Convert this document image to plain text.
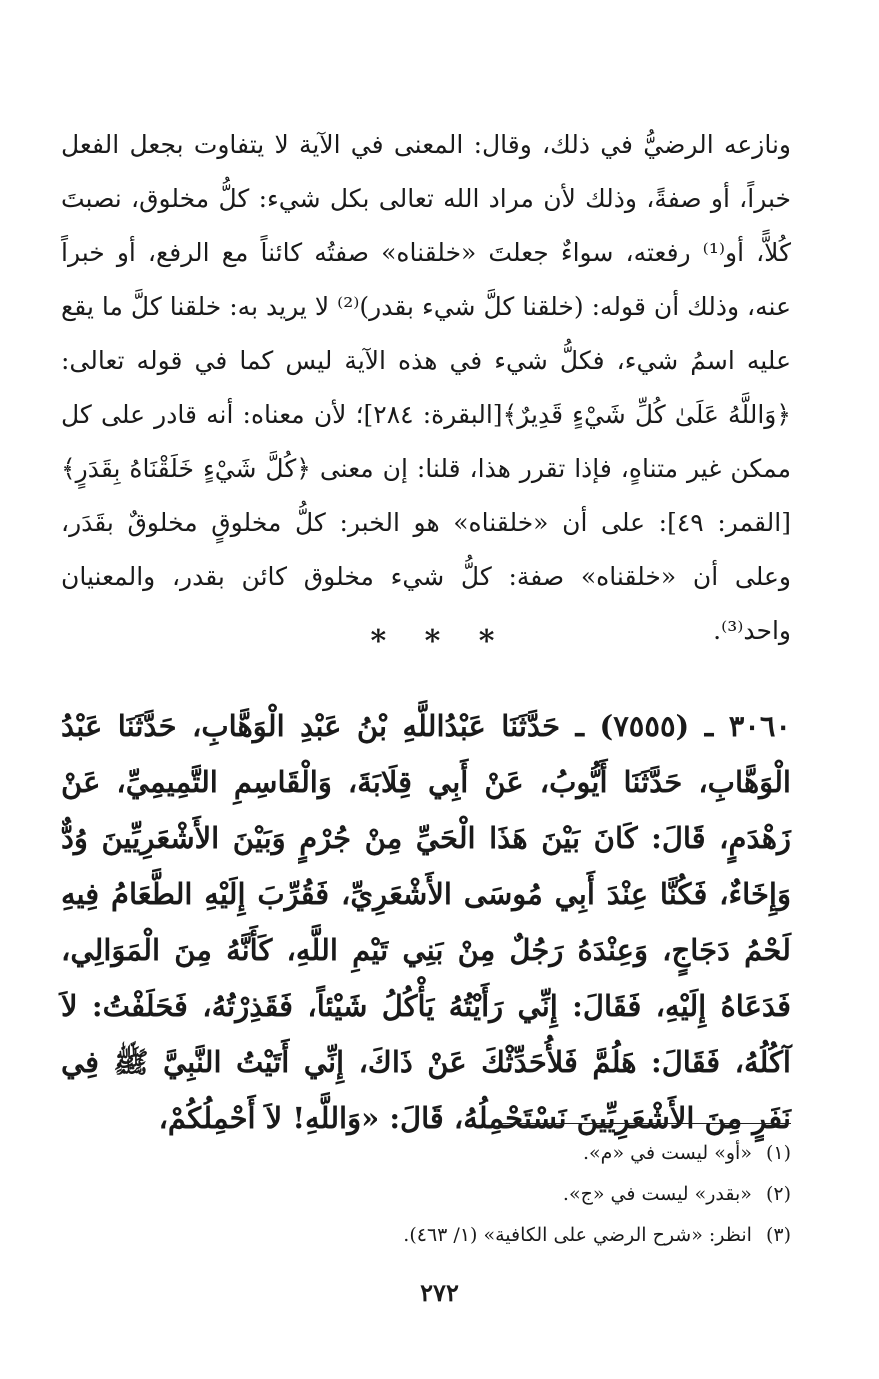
ونازعه الرضيُّ في ذلك، وقال: المعنى في الآية لا يتفاوت بجعل الفعل خبراً، أو صفةً، وذلك لأن مراد الله تعالى بكل شيء: كلُّ مخلوق، نصبتَ كُلاًّ، أو⁽¹⁾ رفعته، سواءٌ جعلتَ «خلقناه» صفتُه كائناً مع الرفع، أو خبراً عنه، وذلك أن قوله: (خلقنا كلَّ شيء بقدر)⁽²⁾ لا يريد به: خلقنا كلَّ ما يقع عليه اسمُ شيء، فكلُّ شيء في هذه الآية ليس كما في قوله تعالى: ﴿وَاللَّهُ عَلَىٰ كُلِّ شَيْءٍ قَدِيرٌ﴾[البقرة: ٢٨٤]؛ لأن معناه: أنه قادر على كل ممكن غير متناهٍ، فإذا تقرر هذا، قلنا: إن معنى ﴿كُلَّ شَيْءٍ خَلَقْنَاهُ بِقَدَرٍ﴾[القمر: ٤٩]: على أن «خلقناه» هو الخبر: كلُّ مخلوقٍ مخلوقٌ بقَدَر، وعلى أن «خلقناه» صفة: كلُّ شيء مخلوق كائن بقدر، والمعنيان واحد⁽³⁾.

* * *

٣٠٦٠ ـ (٧٥٥٥) ـ حَدَّثَنَا عَبْدُاللَّهِ بْنُ عَبْدِ الْوَهَّابِ، حَدَّثَنَا عَبْدُ الْوَهَّابِ، حَدَّثَنَا أَيُّوبُ، عَنْ أَبِي قِلَابَةَ، وَالْقَاسِمِ التَّمِيمِيِّ، عَنْ زَهْدَمٍ، قَالَ: كَانَ بَيْنَ هَذَا الْحَيِّ مِنْ جُرْمٍ وَبَيْنَ الأَشْعَرِيِّينَ وُدٌّ وَإِخَاءٌ، فَكُنَّا عِنْدَ أَبِي مُوسَى الأَشْعَرِيِّ، فَقُرِّبَ إِلَيْهِ الطَّعَامُ فِيهِ لَحْمُ دَجَاجٍ، وَعِنْدَهُ رَجُلٌ مِنْ بَنِي تَيْمِ اللَّهِ، كَأَنَّهُ مِنَ الْمَوَالِي، فَدَعَاهُ إِلَيْهِ، فَقَالَ: إِنِّي رَأَيْتُهُ يَأْكُلُ شَيْئاً، فَقَذِرْتُهُ، فَحَلَفْتُ: لاَ آكُلُهُ، فَقَالَ: هَلُمَّ فَلأُحَدِّثْكَ عَنْ ذَاكَ، إِنِّي أَتَيْتُ النَّبِيَّ ﷺ فِي نَفَرٍ مِنَ الأَشْعَرِيِّينَ نَسْتَحْمِلُهُ، قَالَ: «وَاللَّهِ! لاَ أَحْمِلُكُمْ،

(١)«أو» ليست في «م».
(٢)«بقدر» ليست في «ج».
(٣)انظر: «شرح الرضي على الكافية» (١/ ٤٦٣).
٢٧٢
